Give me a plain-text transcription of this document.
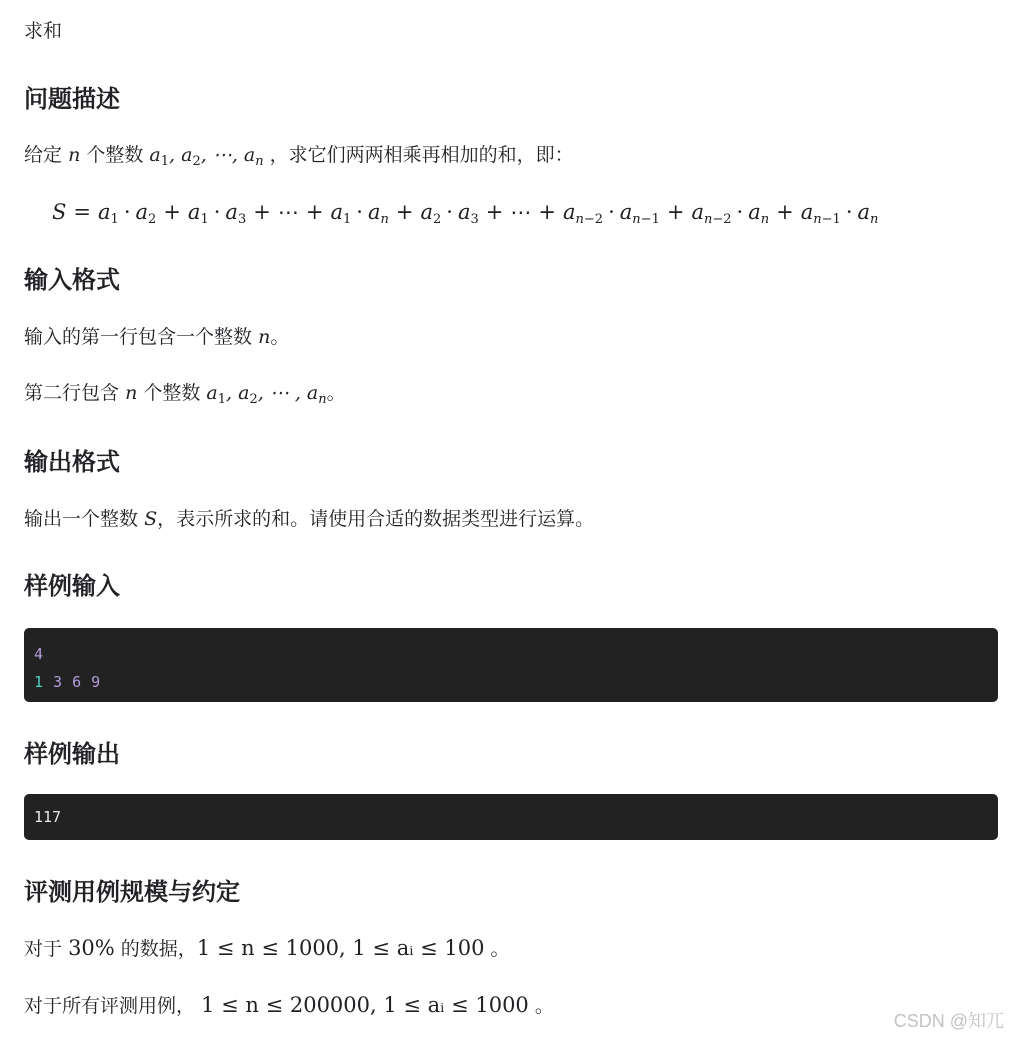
求和
问题描述

给定 n 个整数 $a_1$, $a_2$, ⋯, $a_n$ ，求它们两两相乘再相加的和，即：

$S = a_1 \cdot a_2 + a_1 \cdot a_3$ + ⋯ + $a_1 \cdot a_n + a_2 \cdot a_3$ + ⋯ + $a_{n-2} \cdot a_{n-1} + a_{n-2} \cdot a_n + a_{n-1} \cdot a_n$
输入格式

输入的第一行包含一个整数 n。

第二行包含 n 个整数 $a_1$, $a_2$, ⋯ , $a_n$。

输出格式

输出一个整数 S，表示所求的和。请使用合适的数据类型进行运算。

样例输入
4
1 3 6 9
样例输出
117
评测用例规模与约定

对于 30% 的数据，1 ≤ n ≤ 1000, 1 ≤ aᵢ ≤ 100 。

对于所有评测用例， 1 ≤ n ≤ 200000, 1 ≤ aᵢ ≤ 1000 。

CSDN @知兀
